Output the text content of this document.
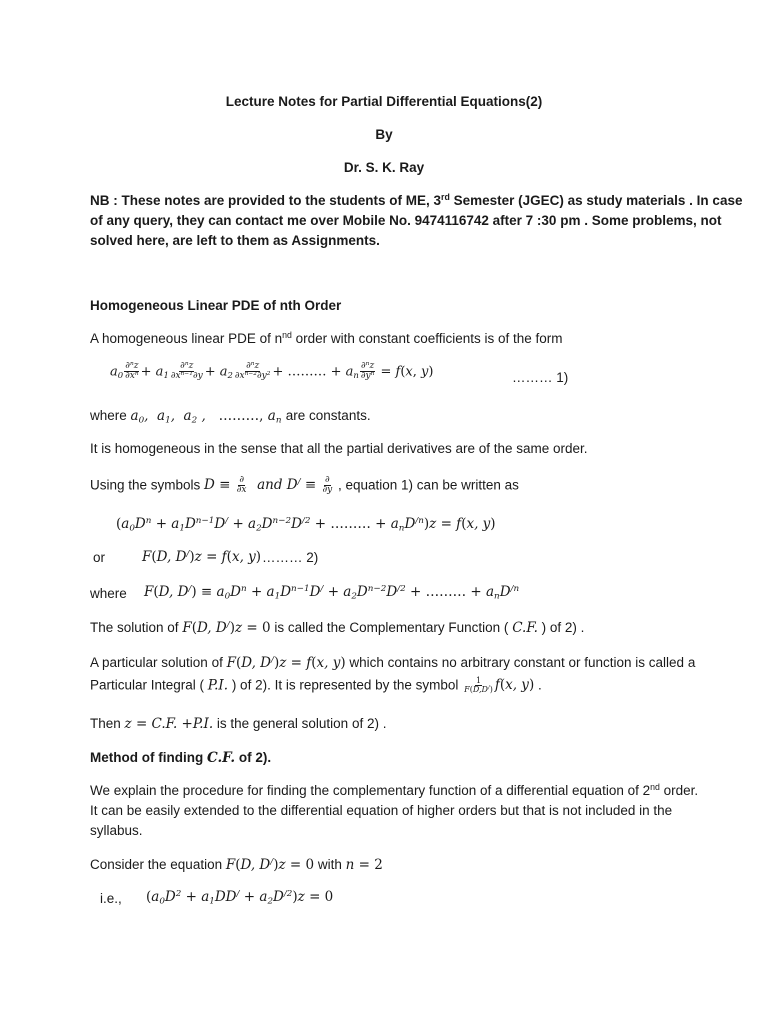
Lecture Notes for Partial Differential Equations(2)
By
Dr. S. K. Ray
NB : These notes are provided to the students of ME, 3rd Semester (JGEC) as study materials . In case
of any query, they can contact me over Mobile No. 9474116742 after 7 :30 pm . Some problems, not
solved here, are left to them as Assignments.
Homogeneous Linear PDE of nth Order
A homogeneous linear PDE of $n^{nd}$ order with constant coefficients is of the form
$a_0 \frac{\partial^nz}{\partial x^n} + a_1 \frac{\partial^nz}{\partial x^{n-1}\partial y} + a_2 \frac{\partial^nz}{\partial x^{n-2}\partial y^2}$ + ……… + $a_n \frac{\partial^nz}{\partial y^n} = f(x$, y)	……… 1)
where $a_0$,  $a_1$,  $a_2$ ,   ………, $a_n$ are constants.
It is homogeneous in the sense that all the partial derivatives are of the same order.
Using the symbols $D \equiv \frac{\partial}{\partial x}$ and $D^/ \equiv \frac{\partial}{\partial y}$ , equation 1) can be written as
($a_0D^n + a_1D^{n-1}D^/ + a_2D^{n-2}D^{/2}$ + ……… + $a_nD^{/n})z = f(x$, y)
or	F(D, D/)z = f(x, y) ……… 2)
where F(D, $D^/) \equiv a_0D^n + a_1D^{n-1}D^/ + a_2D^{n-2}D^{/2}$ + ……… + $a_nD^{/n}$
The solution of F(D, D/)z = 0 is called the Complementary Function ( C.F. ) of 2) .
A particular solution of F(D, D/)z = f(x, y) which contains no arbitrary constant or function is called a
Particular Integral ( P.I. ) of 2). It is represented by the symbol $\frac{1}{F(D,D^/)} f(x$, y) .
Then z = C.F. +P.I. is the general solution of 2) .
Method of finding C.F. of 2).
We explain the procedure for finding the complementary function of a differential equation of 2nd order.
It can be easily extended to the differential equation of higher orders but that is not included in the
syllabus.
Consider the equation F(D, D/)z = 0 with n = 2
i.e., $(a_0D^2 + a_1DD^/ + a_2D^{/2})z = 0$
